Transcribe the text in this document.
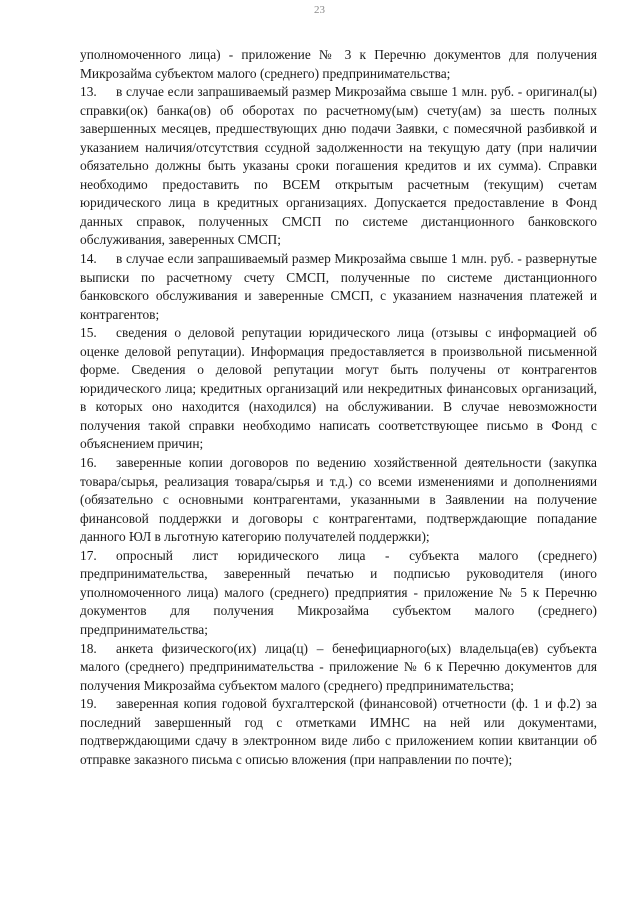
23

уполномоченного лица) - приложение № 3 к Перечню документов для получения Микрозайма субъектом малого (среднего) предпринимательства;

13. в случае если запрашиваемый размер Микрозайма свыше 1 млн. руб. - оригинал(ы) справки(ок) банка(ов) об оборотах по расчетному(ым) счету(ам) за шесть полных завершенных месяцев, предшествующих дню подачи Заявки, с помесячной разбивкой и указанием наличия/отсутствия ссудной задолженности на текущую дату (при наличии обязательно должны быть указаны сроки погашения кредитов и их сумма). Справки необходимо предоставить по ВСЕМ открытым расчетным (текущим) счетам юридического лица в кредитных организациях. Допускается предоставление в Фонд данных справок, полученных СМСП по системе дистанционного банковского обслуживания, заверенных СМСП;

14. в случае если запрашиваемый размер Микрозайма свыше 1 млн. руб. - развернутые выписки по расчетному счету СМСП, полученные по системе дистанционного банковского обслуживания и заверенные СМСП, с указанием назначения платежей и контрагентов;

15. сведения о деловой репутации юридического лица (отзывы с информацией об оценке деловой репутации). Информация предоставляется в произвольной письменной форме. Сведения о деловой репутации могут быть получены от контрагентов юридического лица; кредитных организаций или некредитных финансовых организаций, в которых оно находится (находился) на обслуживании. В случае невозможности получения такой справки необходимо написать соответствующее письмо в Фонд с объяснением причин;

16. заверенные копии договоров по ведению хозяйственной деятельности (закупка товара/сырья, реализация товара/сырья и т.д.) со всеми изменениями и дополнениями (обязательно с основными контрагентами, указанными в Заявлении на получение финансовой поддержки и договоры с контрагентами, подтверждающие попадание данного ЮЛ в льготную категорию получателей поддержки);

17. опросный лист юридического лица - субъекта малого (среднего) предпринимательства, заверенный печатью и подписью руководителя (иного уполномоченного лица) малого (среднего) предприятия - приложение № 5 к Перечню документов для получения Микрозайма субъектом малого (среднего) предпринимательства;

18. анкета физического(их) лица(ц) – бенефициарного(ых) владельца(ев) субъекта малого (среднего) предпринимательства - приложение № 6 к Перечню документов для получения Микрозайма субъектом малого (среднего) предпринимательства;

19. заверенная копия годовой бухгалтерской (финансовой) отчетности (ф. 1 и ф.2) за последний завершенный год с отметками ИМНС на ней или документами, подтверждающими сдачу в электронном виде либо с приложением копии квитанции об отправке заказного письма с описью вложения (при направлении по почте);
